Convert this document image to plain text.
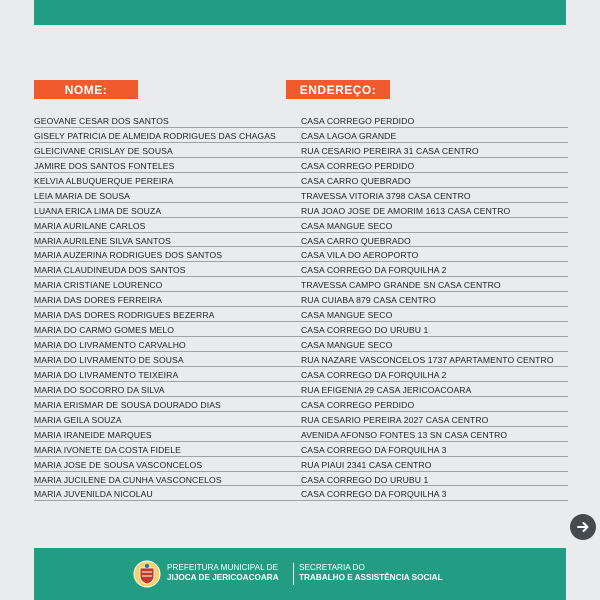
NOME:	ENDEREÇO:
GEOVANE CESAR DOS SANTOS	CASA CORREGO PERDIDO
GISELY PATRICIA DE ALMEIDA RODRIGUES DAS CHAGAS	CASA LAGOA GRANDE
GLEICIVANE CRISLAY DE SOUSA	RUA CESARIO PEREIRA 31 CASA CENTRO
JAMIRE DOS SANTOS FONTELES	CASA CORREGO PERDIDO
KELVIA ALBUQUERQUE PEREIRA	CASA CARRO QUEBRADO
LEIA MARIA DE SOUSA	TRAVESSA VITORIA 3798 CASA CENTRO
LUANA ERICA LIMA DE SOUZA	RUA JOAO JOSE DE AMORIM 1613 CASA CENTRO
MARIA AURILANE CARLOS	CASA MANGUE SECO
MARIA AURILENE SILVA SANTOS	CASA CARRO QUEBRADO
MARIA AUZERINA RODRIGUES DOS SANTOS	CASA VILA DO AEROPORTO
MARIA CLAUDINEUDA DOS SANTOS	CASA CORREGO DA FORQUILHA 2
MARIA CRISTIANE LOURENCO	TRAVESSA CAMPO GRANDE SN CASA CENTRO
MARIA DAS DORES FERREIRA	RUA CUIABA 879 CASA CENTRO
MARIA DAS DORES RODRIGUES BEZERRA	CASA MANGUE SECO
MARIA DO CARMO GOMES MELO	CASA CORREGO DO URUBU 1
MARIA DO LIVRAMENTO CARVALHO	CASA MANGUE SECO
MARIA DO LIVRAMENTO DE SOUSA	RUA NAZARE VASCONCELOS 1737 APARTAMENTO CENTRO
MARIA DO LIVRAMENTO TEIXEIRA	CASA CORREGO DA FORQUILHA 2
MARIA DO SOCORRO DA SILVA	RUA EFIGENIA 29 CASA JERICOACOARA
MARIA ERISMAR DE SOUSA DOURADO DIAS	CASA CORREGO PERDIDO
MARIA GEILA SOUZA	RUA CESARIO PEREIRA 2027 CASA CENTRO
MARIA IRANEIDE MARQUES	AVENIDA AFONSO FONTES 13 SN CASA CENTRO
MARIA IVONETE DA COSTA FIDELE	CASA CORREGO DA FORQUILHA 3
MARIA JOSE DE SOUSA VASCONCELOS	RUA PIAUI 2341 CASA CENTRO
MARIA JUCILENE DA CUNHA VASCONCELOS	CASA CORREGO DO URUBU 1
MARIA JUVENILDA NICOLAU	CASA CORREGO DA FORQUILHA 3
PREFEITURA MUNICIPAL DE
JIJOCA DE JERICOACOARA
SECRETARIA DO
TRABALHO E ASSISTÊNCIA SOCIAL
